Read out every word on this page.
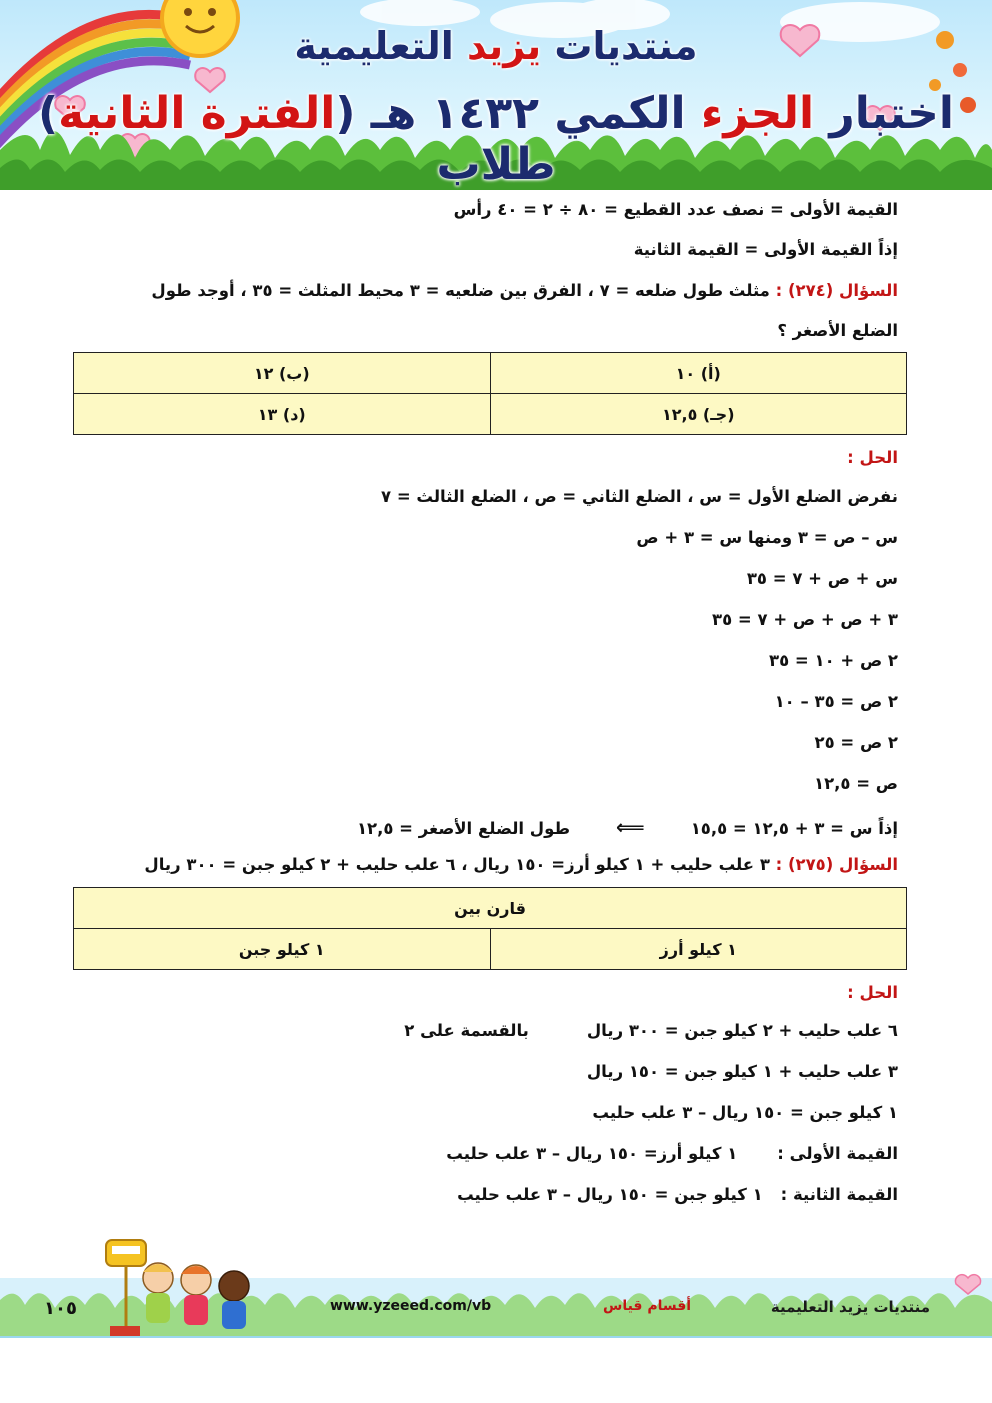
منتديات يزيد التعليمية
اختبار الجزء الكمي ١٤٣٢ هـ (الفترة الثانية) طلاب
القيمة الأولى = نصف عدد القطيع = ٨٠ ÷ ٢ = ٤٠ رأس
إذاً القيمة الأولى = القيمة الثانية
السؤال (٢٧٤) : مثلث طول ضلعه = ٧ ، الفرق بين ضلعيه = ٣ محيط المثلث = ٣٥ ، أوجد طول
الضلع الأصغر ؟
(أ) ١٠	(ب) ١٢
(جـ) ١٢,٥	(د) ١٣
الحل :
نفرض الضلع الأول = س ، الضلع الثاني = ص ، الضلع الثالث = ٧
س – ص = ٣ ومنها س = ٣ + ص
س + ص + ٧ = ٣٥
٣ + ص + ص + ٧ = ٣٥
٢ ص + ١٠ = ٣٥
٢ ص = ٣٥ – ١٠
٢ ص = ٢٥
ص = ١٢,٥
إذاً س = ٣ + ١٢,٥ = ١٥,٥⟸طول الضلع الأصغر = ١٢,٥
السؤال (٢٧٥) : ٣ علب حليب + ١ كيلو أرز= ١٥٠ ريال ، ٦ علب حليب + ٢ كيلو جبن = ٣٠٠ ريال
قارن بين
١ كيلو أرز	١ كيلو جبن
الحل :
٦ علب حليب + ٢ كيلو جبن = ٣٠٠ ريالبالقسمة على ٢
٣ علب حليب + ١ كيلو جبن = ١٥٠ ريال
١ كيلو جبن = ١٥٠ ريال – ٣ علب حليب
القيمة الأولى :١ كيلو أرز= ١٥٠ ريال – ٣ علب حليب
القيمة الثانية :١ كيلو جبن = ١٥٠ ريال – ٣ علب حليب
منتديات يزيد التعليمية
أقسام قياس
www.yzeeed.com/vb
١٠٥
